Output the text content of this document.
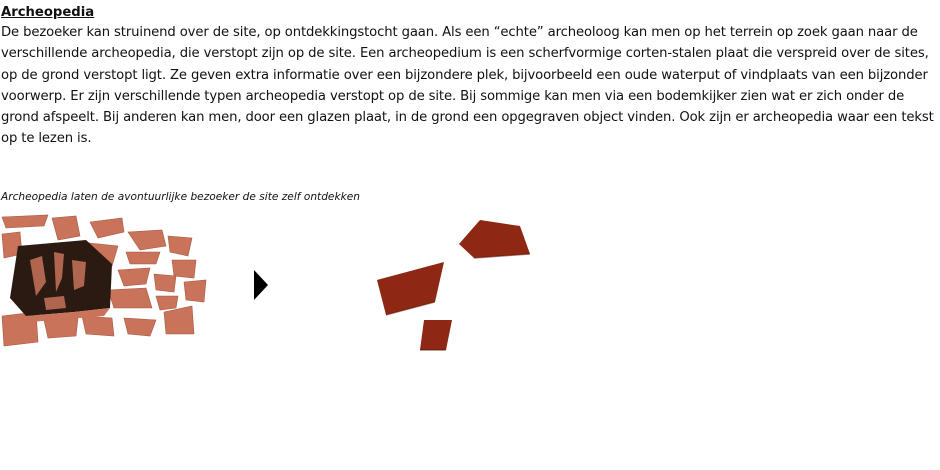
Archeopedia

De bezoeker kan struinend over de site, op ontdekkingstocht gaan. Als een “echte” archeoloog kan men op het terrein op zoek gaan naar de verschillende archeopedia, die verstopt zijn op de site. Een archeopedium is een scherfvormige corten-stalen plaat die verspreid over de sites, op de grond verstopt ligt. Ze geven extra informatie over een bijzondere plek, bijvoorbeeld een oude waterput of vindplaats van een bijzonder voorwerp. Er zijn verschillende typen archeopedia verstopt op de site. Bij sommige kan men via een bodemkijker zien wat er zich onder de grond afspeelt. Bij anderen kan men, door een glazen plaat, in de grond een opgegraven object vinden. Ook zijn er archeopedia waar een tekst op te lezen is.

Archeopedia laten de avontuurlijke bezoeker de site zelf ontdekken
